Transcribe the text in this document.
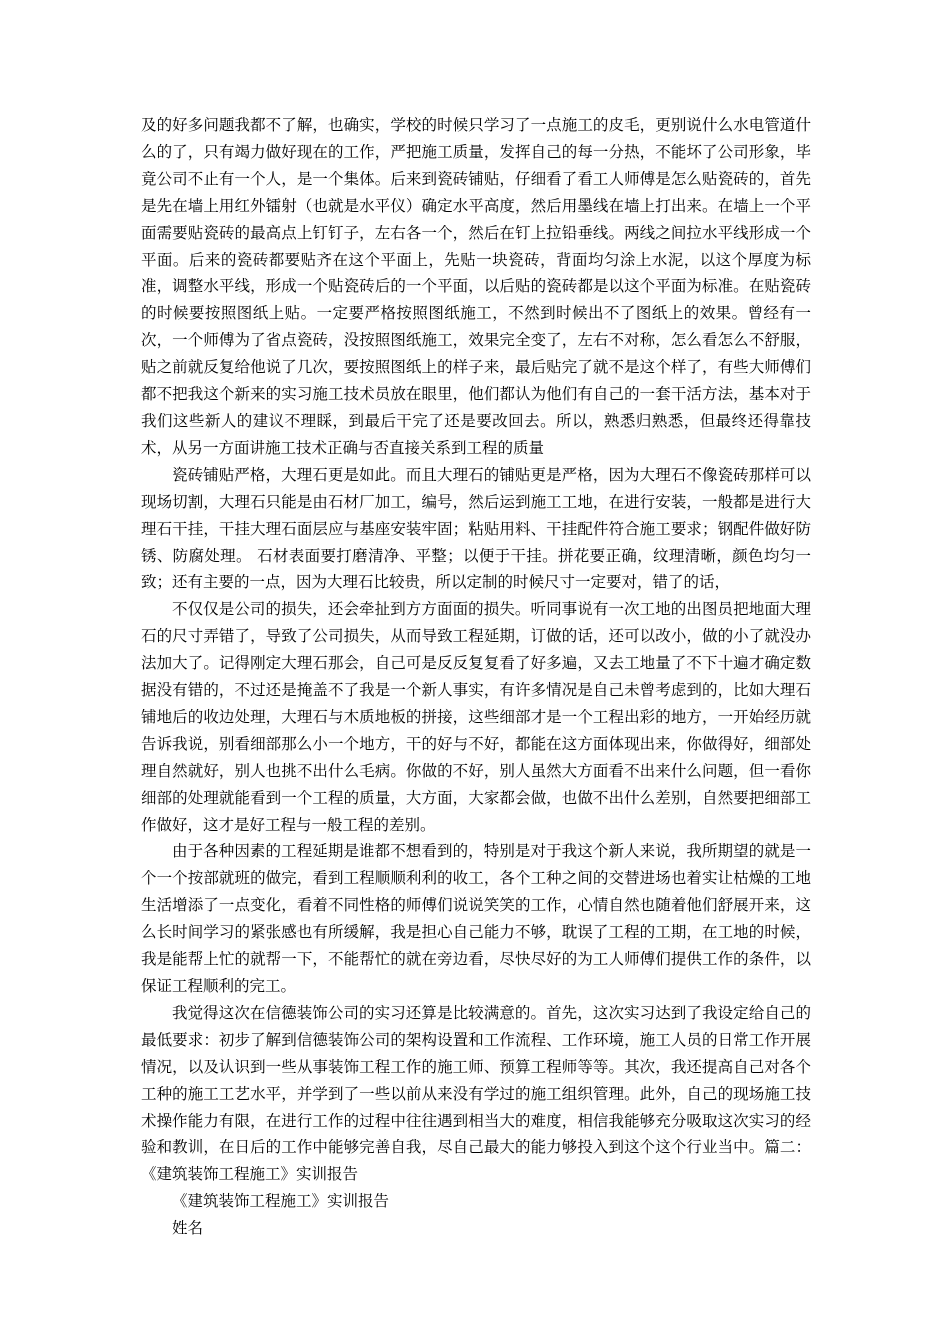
及的好多问题我都不了解，也确实，学校的时候只学习了一点施工的皮毛，更别说什么水电管道什么的了，只有竭力做好现在的工作，严把施工质量，发挥自己的每一分热，不能坏了公司形象，毕竟公司不止有一个人，是一个集体。后来到瓷砖铺贴，仔细看了看工人师傅是怎么贴瓷砖的，首先是先在墙上用红外镭射（也就是水平仪）确定水平高度，然后用墨线在墙上打出来。在墙上一个平面需要贴瓷砖的最高点上钉钉子，左右各一个，然后在钉上拉铅垂线。两线之间拉水平线形成一个平面。后来的瓷砖都要贴齐在这个平面上，先贴一块瓷砖，背面均匀涂上水泥，以这个厚度为标准，调整水平线，形成一个贴瓷砖后的一个平面，以后贴的瓷砖都是以这个平面为标准。在贴瓷砖的时候要按照图纸上贴。一定要严格按照图纸施工，不然到时候出不了图纸上的效果。曾经有一次，一个师傅为了省点瓷砖，没按照图纸施工，效果完全变了，左右不对称，怎么看怎么不舒服，贴之前就反复给他说了几次，要按照图纸上的样子来，最后贴完了就不是这个样了，有些大师傅们都不把我这个新来的实习施工技术员放在眼里，他们都认为他们有自己的一套干活方法，基本对于我们这些新人的建议不理睬，到最后干完了还是要改回去。所以，熟悉归熟悉，但最终还得靠技术，从另一方面讲施工技术正确与否直接关系到工程的质量

瓷砖铺贴严格，大理石更是如此。而且大理石的铺贴更是严格，因为大理石不像瓷砖那样可以现场切割，大理石只能是由石材厂加工，编号，然后运到施工工地，在进行安装，一般都是进行大理石干挂，干挂大理石面层应与基座安装牢固；粘贴用料、干挂配件符合施工要求；钢配件做好防锈、防腐处理。 石材表面要打磨清净、平整；以便于干挂。拼花要正确，纹理清晰，颜色均匀一致；还有主要的一点，因为大理石比较贵，所以定制的时候尺寸一定要对，错了的话，

不仅仅是公司的损失，还会牵扯到方方面面的损失。听同事说有一次工地的出图员把地面大理石的尺寸弄错了，导致了公司损失，从而导致工程延期，订做的话，还可以改小，做的小了就没办法加大了。记得刚定大理石那会，自己可是反反复复看了好多遍，又去工地量了不下十遍才确定数据没有错的，不过还是掩盖不了我是一个新人事实，有许多情况是自己未曾考虑到的，比如大理石铺地后的收边处理，大理石与木质地板的拼接，这些细部才是一个工程出彩的地方，一开始经历就告诉我说，别看细部那么小一个地方，干的好与不好，都能在这方面体现出来，你做得好，细部处理自然就好，别人也挑不出什么毛病。你做的不好，别人虽然大方面看不出来什么问题，但一看你细部的处理就能看到一个工程的质量，大方面，大家都会做，也做不出什么差别，自然要把细部工作做好，这才是好工程与一般工程的差别。

由于各种因素的工程延期是谁都不想看到的，特别是对于我这个新人来说，我所期望的就是一个一个按部就班的做完，看到工程顺顺利利的收工，各个工种之间的交替进场也着实让枯燥的工地生活增添了一点变化，看着不同性格的师傅们说说笑笑的工作，心情自然也随着他们舒展开来，这么长时间学习的紧张感也有所缓解，我是担心自己能力不够，耽误了工程的工期，在工地的时候，我是能帮上忙的就帮一下，不能帮忙的就在旁边看，尽快尽好的为工人师傅们提供工作的条件，以保证工程顺利的完工。

我觉得这次在信德装饰公司的实习还算是比较满意的。首先，这次实习达到了我设定给自己的最低要求：初步了解到信德装饰公司的架构设置和工作流程、工作环境，施工人员的日常工作开展情况，以及认识到一些从事装饰工程工作的施工师、预算工程师等等。其次，我还提高自己对各个工种的施工工艺水平，并学到了一些以前从来没有学过的施工组织管理。此外，自己的现场施工技术操作能力有限，在进行工作的过程中往往遇到相当大的难度，相信我能够充分吸取这次实习的经验和教训，在日后的工作中能够完善自我，尽自己最大的能力够投入到这个这个行业当中。篇二：《建筑装饰工程施工》实训报告

《建筑装饰工程施工》实训报告

姓名
